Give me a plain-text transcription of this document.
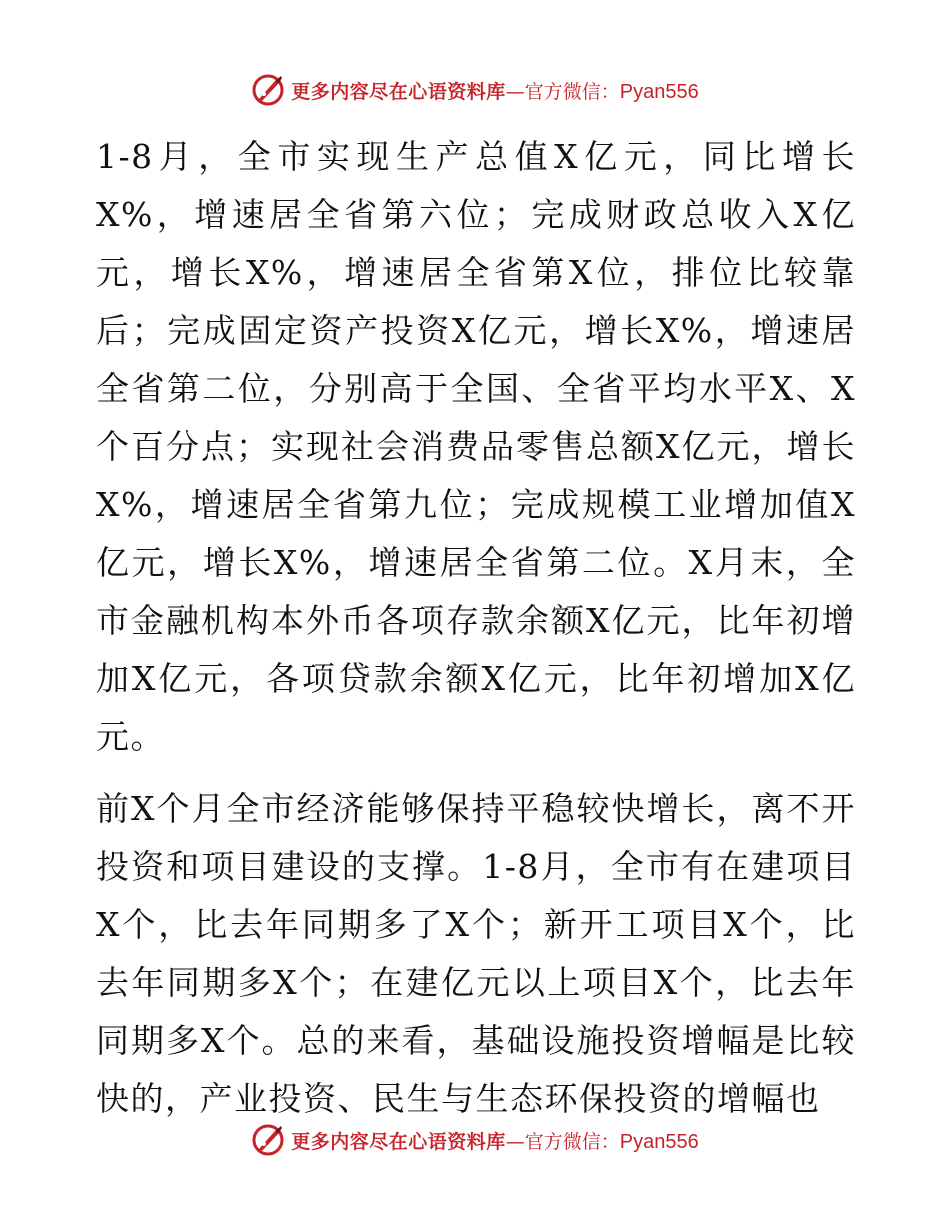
更多内容尽在心语资料库 —官方微信： Pyan556

1-8月，全市实现生产总值X亿元，同比增长X%，增速居全省第六位；完成财政总收入X亿元，增长X%，增速居全省第X位，排位比较靠后；完成固定资产投资X亿元，增长X%，增速居全省第二位，分别高于全国、全省平均水平X、X个百分点；实现社会消费品零售总额X亿元，增长X%，增速居全省第九位；完成规模工业增加值X亿元，增长X%，增速居全省第二位。X月末，全市金融机构本外币各项存款余额X亿元，比年初增加X亿元，各项贷款余额X亿元，比年初增加X亿元。

前X个月全市经济能够保持平稳较快增长，离不开投资和项目建设的支撑。1-8月，全市有在建项目X个，比去年同期多了X个；新开工项目X个，比去年同期多X个；在建亿元以上项目X个，比去年同期多X个。总的来看，基础设施投资增幅是比较快的，产业投资、民生与生态环保投资的增幅也

更多内容尽在心语资料库 —官方微信： Pyan556
